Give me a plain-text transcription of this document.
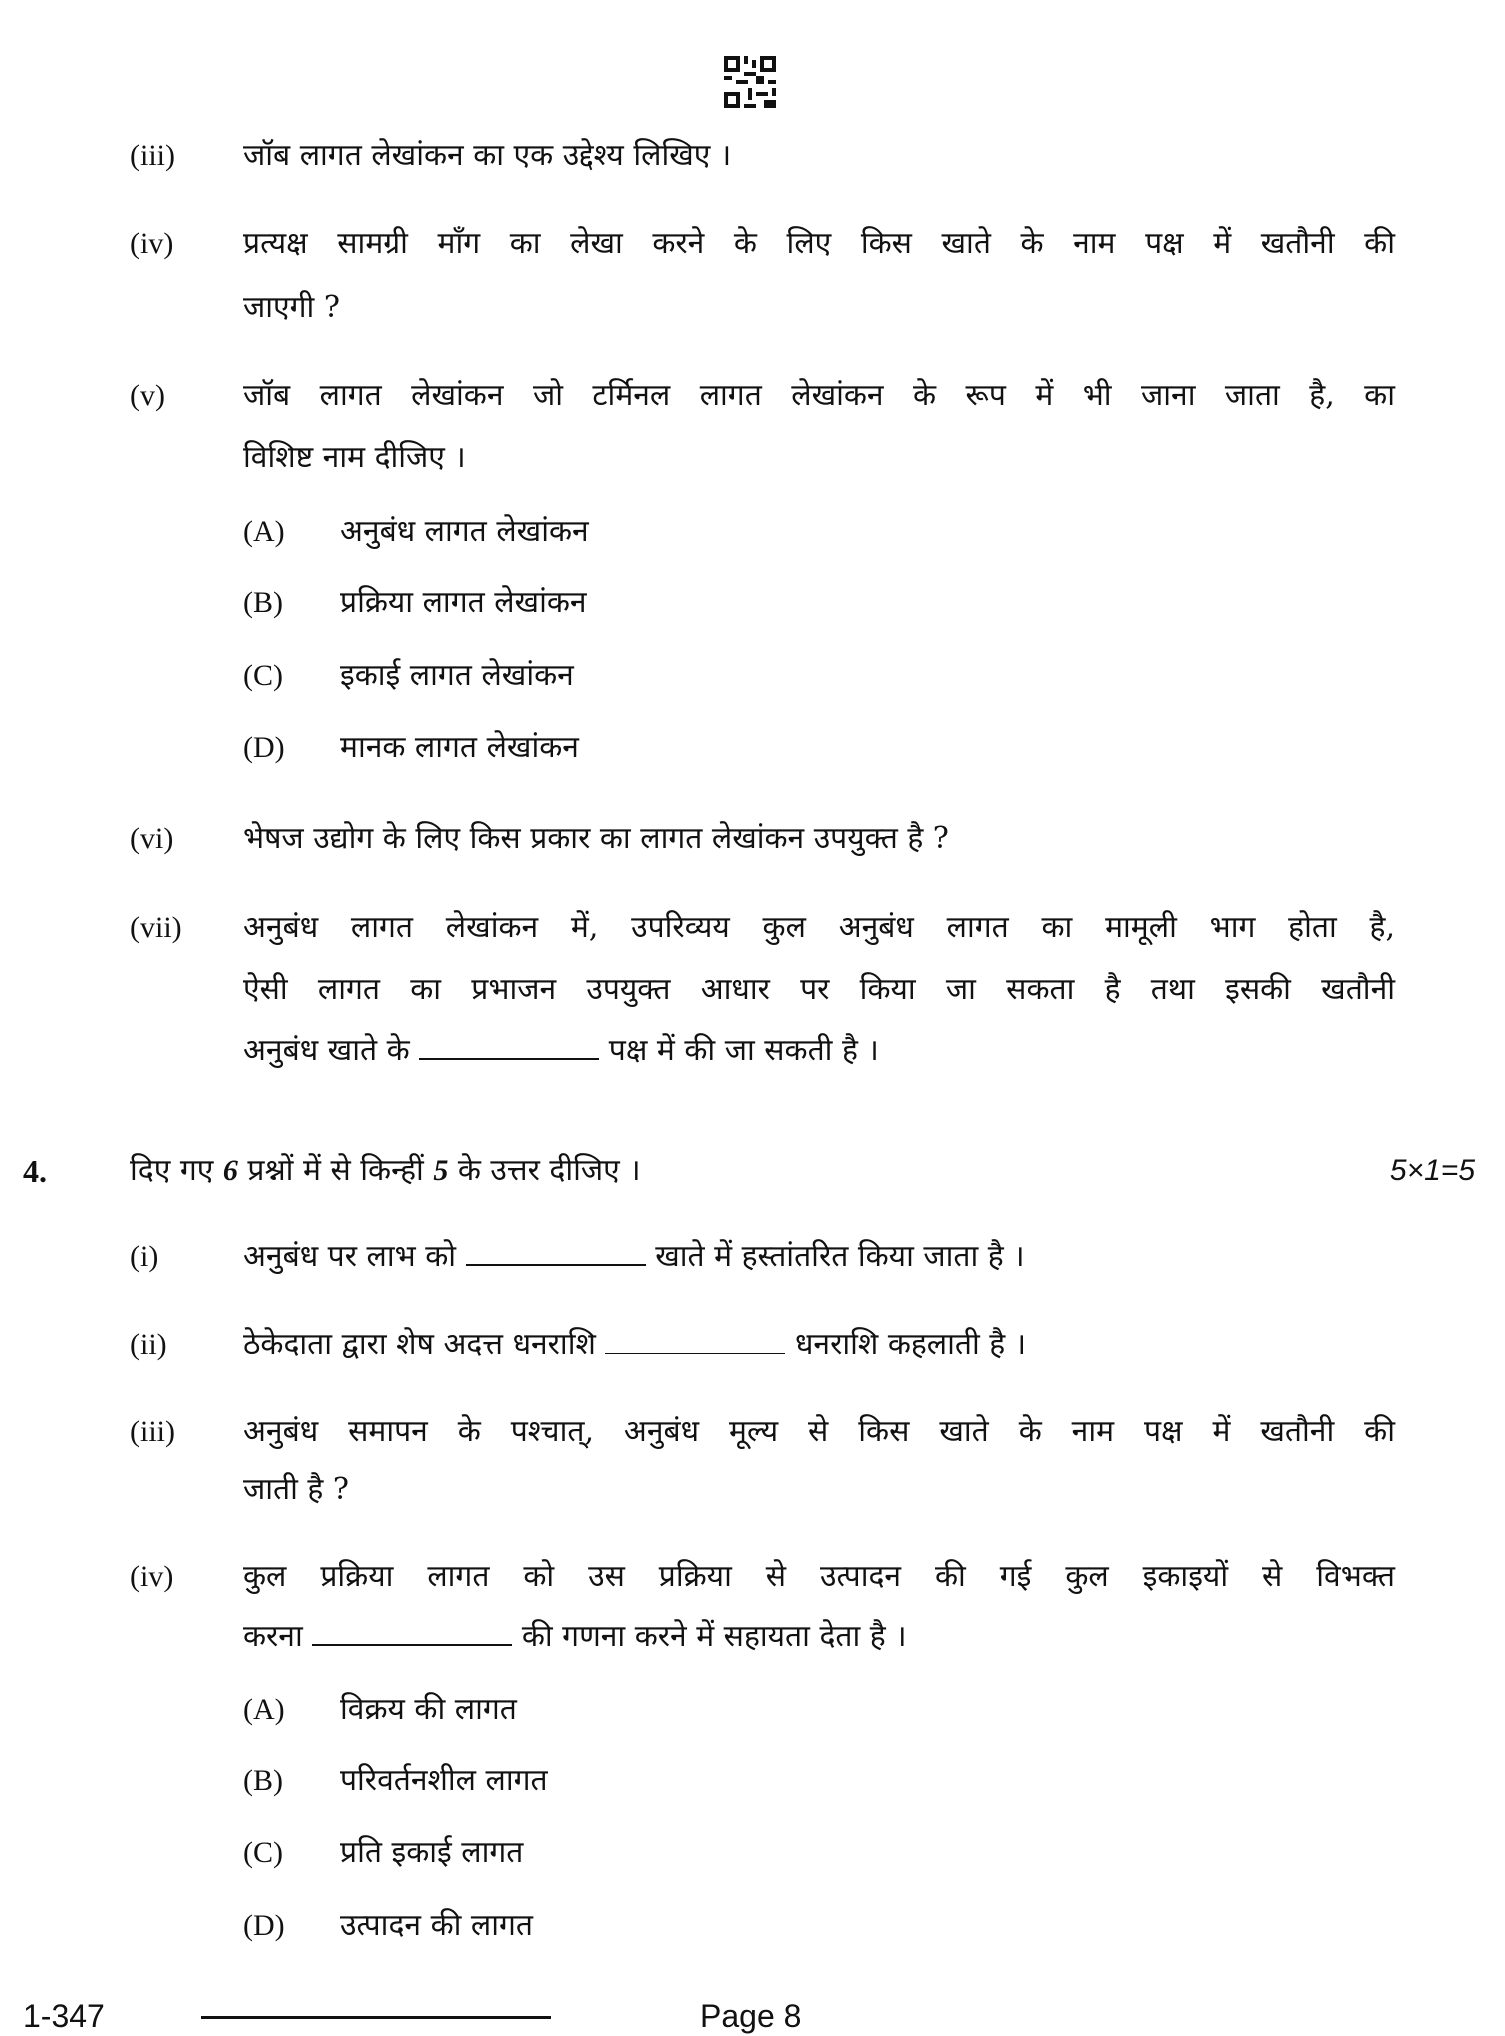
(iii) जॉब लागत लेखांकन का एक उद्देश्य लिखिए ।
(iv) प्रत्यक्ष सामग्री माँग का लेखा करने के लिए किस खाते के नाम पक्ष में खतौनी की
जाएगी ?
(v)	जॉब लागत लेखांकन जो टर्मिनल लागत लेखांकन के रूप में भी जाना जाता है, का
विशिष्ट नाम दीजिए ।
(A) अनुबंध लागत लेखांकन
(B) प्रक्रिया लागत लेखांकन
(C) इकाई लागत लेखांकन
(D) मानक लागत लेखांकन
(vi) भेषज उद्योग के लिए किस प्रकार का लागत लेखांकन उपयुक्त है ?
(vii) अनुबंध लागत लेखांकन में, उपरिव्यय कुल अनुबंध लागत का मामूली भाग होता है,
ऐसी लागत का प्रभाजन उपयुक्त आधार पर किया जा सकता है तथा इसकी खतौनी
अनुबंध खाते के	पक्ष में की जा सकती है ।
4.	दिए गए 6 प्रश्नों में से किन्हीं 5 के उत्तर दीजिए ।	5×1=5
(i)	अनुबंध पर लाभ को	खाते में हस्तांतरित किया जाता है ।
(ii)	ठेकेदाता द्वारा शेष अदत्त धनराशि	धनराशि कहलाती है ।
(iii) अनुबंध समापन के पश्चात्, अनुबंध मूल्य से किस खाते के नाम पक्ष में खतौनी की
जाती है ?
(iv) कुल प्रक्रिया लागत को उस प्रक्रिया से उत्पादन की गई कुल इकाइयों से विभक्त
करना	की गणना करने में सहायता देता है ।
(A) विक्रय की लागत
(B) परिवर्तनशील लागत
(C) प्रति इकाई लागत
(D) उत्पादन की लागत
1-347	Page 8
